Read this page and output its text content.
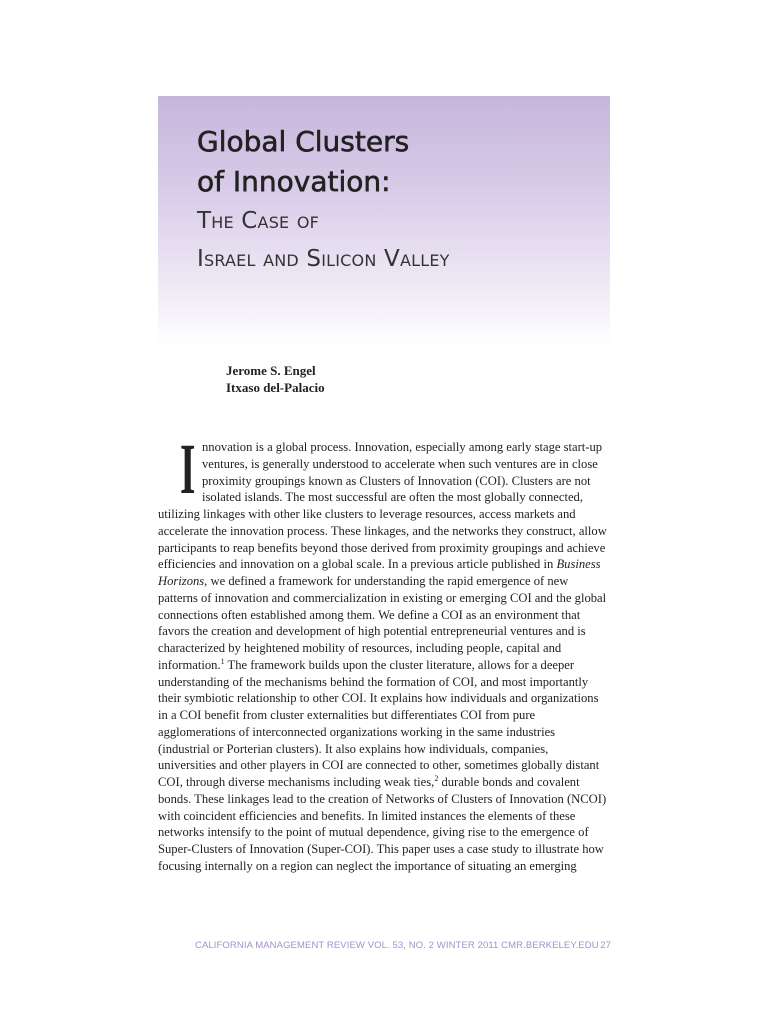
Global Clusters
of Innovation:
The Case of
Israel and Silicon Valley
Jerome S. Engel
Itxaso del-Palacio

Innovation is a global process. Innovation, especially among early stage start-up ventures, is generally understood to accelerate when such ventures are in close proximity groupings known as Clusters of Innovation (COI). Clusters are not isolated islands. The most successful are often the most globally connected, utilizing linkages with other like clusters to leverage resources, access markets and accelerate the innovation process. These linkages, and the networks they construct, allow participants to reap benefits beyond those derived from proximity groupings and achieve efficiencies and innovation on a global scale. In a previous article published in Business Horizons, we defined a framework for understanding the rapid emergence of new patterns of innovation and commercialization in existing or emerging COI and the global connections often established among them. We define a COI as an environment that favors the creation and development of high potential entrepreneurial ventures and is characterized by heightened mobility of resources, including people, capital and information.$^1$ The framework builds upon the cluster literature, allows for a deeper understanding of the mechanisms behind the formation of COI, and most importantly their symbiotic relationship to other COI. It explains how individuals and organizations in a COI benefit from cluster externalities but differentiates COI from pure agglomerations of interconnected organizations working in the same industries (industrial or Porterian clusters). It also explains how individuals, companies, universities and other players in COI are connected to other, sometimes globally distant COI, through diverse mechanisms including weak ties,$^2$ durable bonds and covalent bonds. These linkages lead to the creation of Networks of Clusters of Innovation (NCOI) with coincident efficiencies and benefits. In limited instances the elements of these networks intensify to the point of mutual dependence, giving rise to the emergence of Super-Clusters of Innovation (Super-COI). This paper uses a case study to illustrate how focusing internally on a region can neglect the importance of situating an emerging

CALIFORNIA MANAGEMENT REVIEW VOL. 53, NO. 2 WINTER 2011 CMR.BERKELEY.EDU 27
